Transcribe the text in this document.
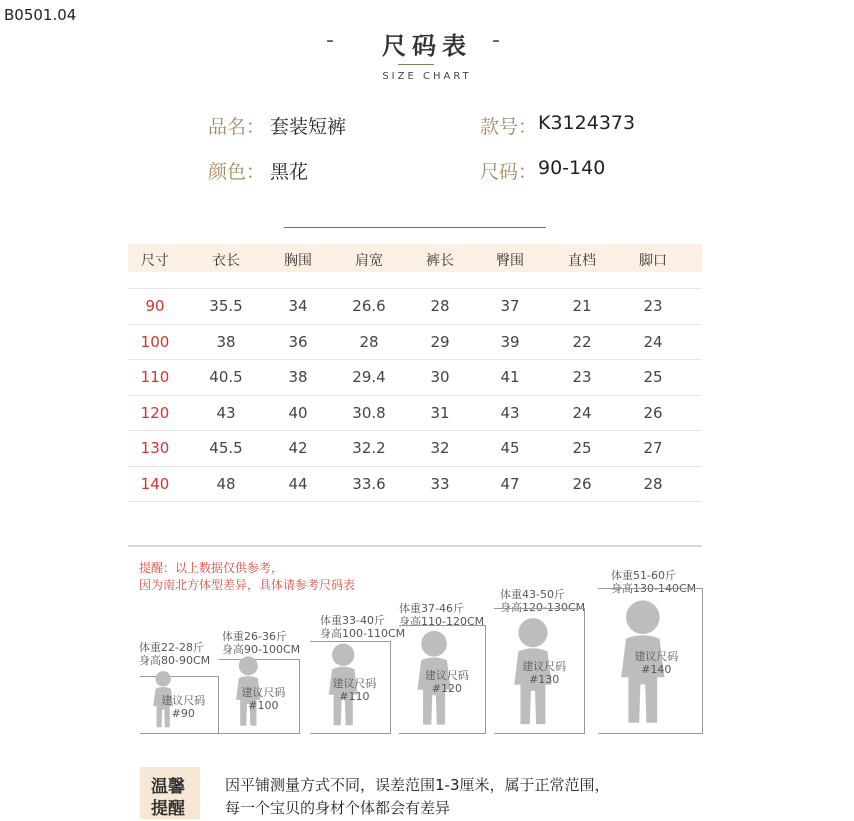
B0501.04
-	尺码表 -
SIZE CHART
品名： 套装短裤	款号： K3124373
颜色： 黑花	尺码： 90-140
尺寸	衣长	胸围	肩宽	裤长	臀围	直档	脚口
90	35.5	34	26.6	28	37	21	23
100	38	36	28	29	39	22	24
110	40.5	38	29.4	30	41	23	25
120	43	40	30.8	31	43	24	26
130	45.5	42	32.2	32	45	25	27
140	48	44	33.6	33	47	26	28
提醒：以上数据仅供参考，
因为南北方体型差异，具体请参考尺码表
体重22-28斤
身高80-90CM
建议尺码
#90
体重26-36斤
身高90-100CM
建议尺码
#100
体重33-40斤
身高100-110CM
建议尺码
#110
体重37-46斤
身高110-120CM
建议尺码
#120
体重43-50斤
身高120-130CM
建议尺码
#130
体重51-60斤
身高130-140CM
建议尺码
#140
温馨
提醒
因平铺测量方式不同，误差范围1-3厘米，属于正常范围，
每一个宝贝的身材个体都会有差异
